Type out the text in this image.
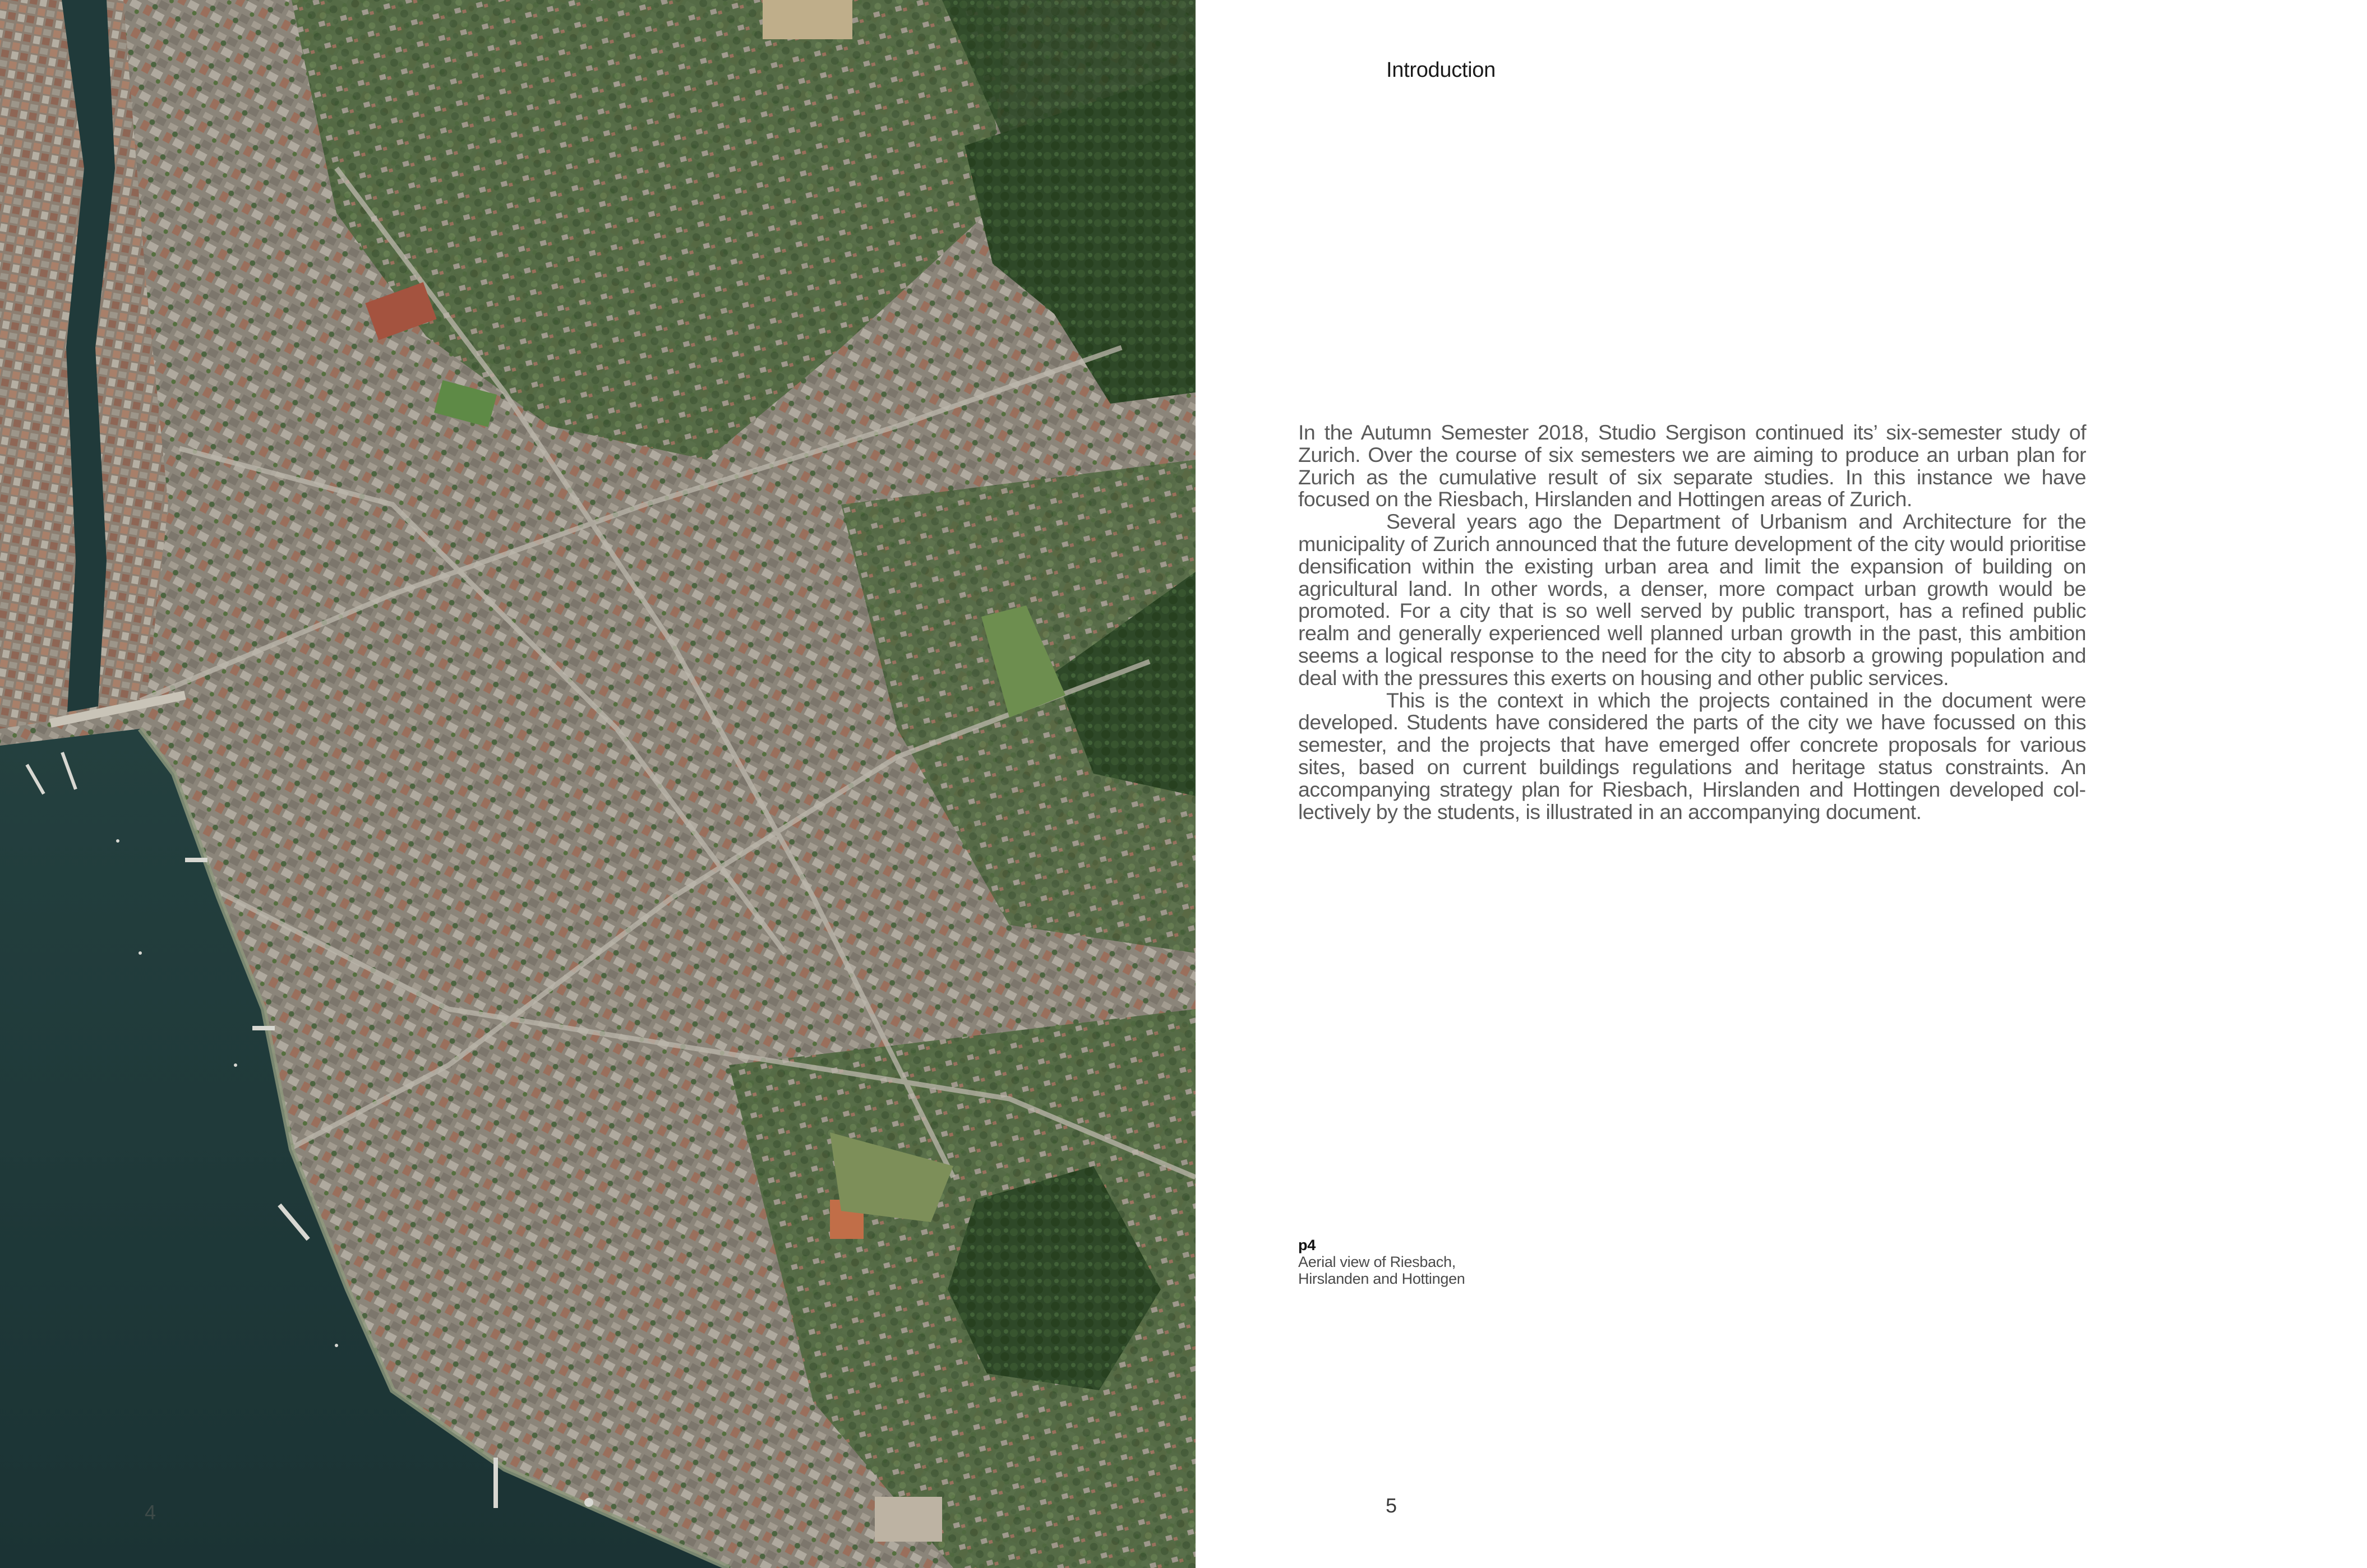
4
Introduction

In the Autumn Semester 2018, Studio Sergison continued its’ six-semester study of Zurich. Over the course of six semesters we are aiming to produce an urban plan for Zurich as the cumulative result of six separate studies. In this instance we have focused on the Riesbach, Hirslanden and Hottingen areas of Zurich.

Several years ago the Department of Urbanism and Architecture for the municipality of Zurich announced that the future development of the city would prioritise densification within the existing urban area and limit the expansion of building on agricultural land. In other words, a denser, more compact urban growth would be promoted. For a city that is so well served by public transport, has a refined public realm and generally experienced well planned urban growth in the past, this ambition seems a logical response to the need for the city to absorb a growing population and deal with the pressures this exerts on housing and other public services.

This is the context in which the projects contained in the document were developed. Students have considered the parts of the city we have focussed on this semester, and the projects that have emerged offer concrete proposals for various sites, based on current buildings regulations and heritage status constraints. An accompanying strategy plan for Riesbach, Hirslanden and Hottingen developed collectively by the students, is illustrated in an accompanying document.

p4
Aerial view of Riesbach,
Hirslanden and Hottingen
5
